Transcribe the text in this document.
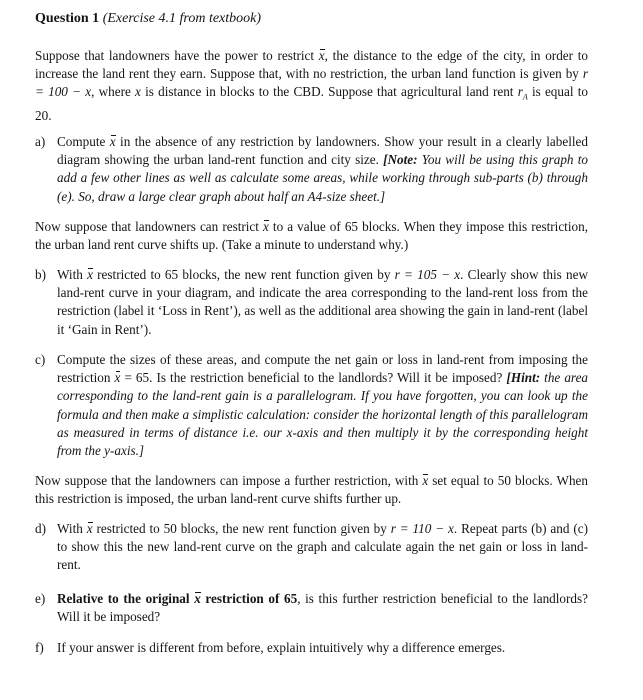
Question 1 (Exercise 4.1 from textbook)
Suppose that landowners have the power to restrict x, the distance to the edge of the city, in order to increase the land rent they earn. Suppose that, with no restriction, the urban land function is given by r = 100 − x, where x is distance in blocks to the CBD. Suppose that agricultural land rent $r_A$ is equal to 20.
a) Compute x in the absence of any restriction by landowners. Show your result in a clearly labelled diagram showing the urban land-rent function and city size. [Note: You will be using this graph to add a few other lines as well as calculate some areas, while working through sub-parts (b) through (e). So, draw a large clear graph about half an A4-size sheet.]
Now suppose that landowners can restrict x to a value of 65 blocks. When they impose this restriction, the urban land rent curve shifts up. (Take a minute to understand why.)
b) With x restricted to 65 blocks, the new rent function given by r = 105 − x. Clearly show this new land-rent curve in your diagram, and indicate the area corresponding to the land-rent loss from the restriction (label it ‘Loss in Rent’), as well as the additional area showing the gain in land-rent (label it ‘Gain in Rent’).
c) Compute the sizes of these areas, and compute the net gain or loss in land-rent from imposing the restriction x = 65. Is the restriction beneficial to the landlords? Will it be imposed? [Hint: the area corresponding to the land-rent gain is a parallelogram. If you have forgotten, you can look up the formula and then make a simplistic calculation: consider the horizontal length of this parallelogram as measured in terms of distance i.e. our x-axis and then multiply it by the corresponding height from the y-axis.]
Now suppose that the landowners can impose a further restriction, with x set equal to 50 blocks. When this restriction is imposed, the urban land-rent curve shifts further up.
d) With x restricted to 50 blocks, the new rent function given by r = 110 − x. Repeat parts (b) and (c) to show this the new land-rent curve on the graph and calculate again the net gain or loss in land-rent.
e) Relative to the original x restriction of 65, is this further restriction beneficial to the landlords? Will it be imposed?
f) If your answer is different from before, explain intuitively why a difference emerges.
